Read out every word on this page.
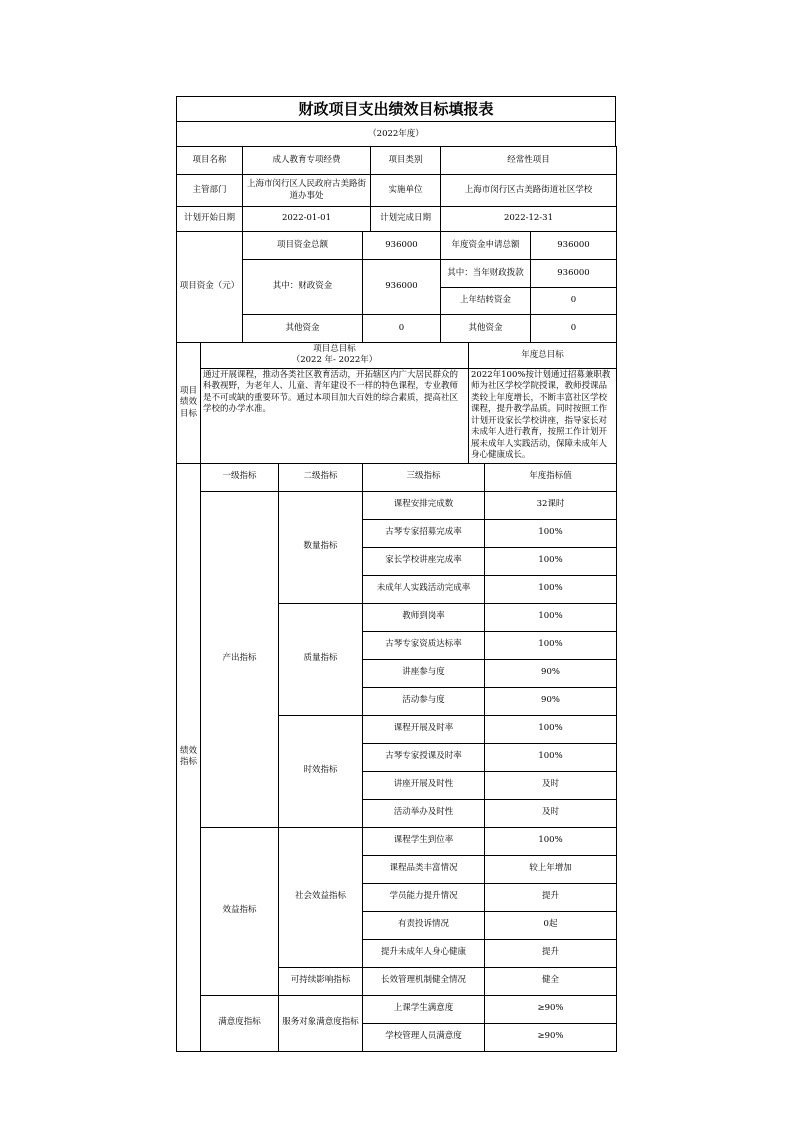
财政项目支出绩效目标填报表
（2022年度）
项目名称	成人教育专项经费	项目类别	经常性项目
主管部门	上海市闵行区人民政府古美路街道办事处	实施单位	上海市闵行区古美路街道社区学校
计划开始日期	2022-01-01	计划完成日期	2022-12-31
项目资金（元）	项目资金总额	936000	年度资金申请总额	936000
	其中：财政资金	936000	其中：当年财政拨款	936000
			上年结转资金	0
	其他资金	0	其他资金	0
项目绩效目标	项目总目标
（2022 年- 2022年）	年度总目标
	通过开展课程，推动各类社区教育活动，开拓辖区内广大居民群众的科教视野，为老年人、儿童、青年建设不一样的特色课程，专业教师是不可或缺的重要环节。通过本项目加大百姓的综合素质，提高社区学校的办学水准。	2022年100%按计划通过招募兼职教师为社区学校学院授课，教师授课品类较上年度增长，不断丰富社区学校课程，提升教学品质。同时按照工作计划开设家长学校讲座，指导家长对未成年人进行教育，按照工作计划开展未成年人实践活动，保障未成年人身心健康成长。
绩效指标	一级指标	二级指标	三级指标	年度指标值
	产出指标	数量指标	课程安排完成数	32课时
			古琴专家招募完成率	100%
			家长学校讲座完成率	100%
			未成年人实践活动完成率	100%
		质量指标	教师到岗率	100%
			古琴专家资质达标率	100%
			讲座参与度	90%
			活动参与度	90%
		时效指标	课程开展及时率	100%
			古琴专家授课及时率	100%
			讲座开展及时性	及时
			活动举办及时性	及时
	效益指标	社会效益指标	课程学生到位率	100%
			课程品类丰富情况	较上年增加
			学员能力提升情况	提升
			有责投诉情况	0起
			提升未成年人身心健康	提升
		可持续影响指标	长效管理机制健全情况	健全
	满意度指标	服务对象满意度指标	上课学生满意度	≥90%
			学校管理人员满意度	≥90%
